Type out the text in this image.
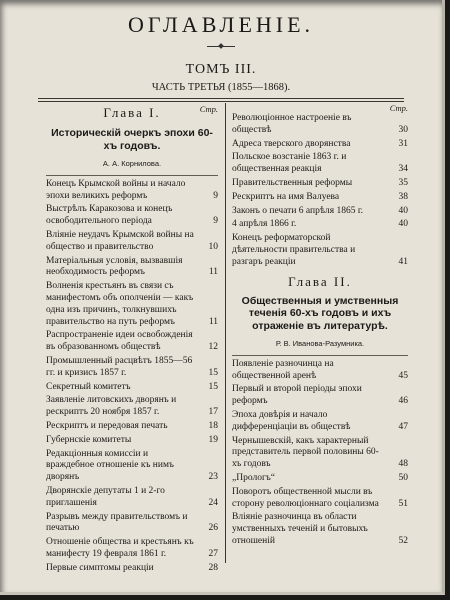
ОГЛАВЛЕНІЕ.
ТОМЪ III.
ЧАСТЬ ТРЕТЬЯ (1855—1868).
Стр.
Глава I.
Историческій очеркъ эпохи 60-хъ годовъ.
А. А. Корнилова.
Конецъ Крымской войны и начало эпохи великихъ реформъ	9
Выстрѣлъ Каракозова и конецъ освободительного періода	9
Вліяніе неудачъ Крымской войны на общество и правительство	10
Матеріальныя условія, вызвавшія необходимость реформъ	11
Волненія крестьянъ въ связи съ манифестомъ объ ополченіи — какъ одна изъ причинъ, толкнувшихъ правительство на путь реформъ	11
Распространеніе идеи освобожденія въ образованномъ обществѣ	12
Промышленный расцвѣтъ 1855—56 гг. и кризисъ 1857 г.	15
Секретный комитетъ	15
Заявленіе литовскихъ дворянъ и рескриптъ 20 ноября 1857 г.	17
Рескриптъ и передовая печать	18
Губернскіе комитеты	19
Редакціонныя комиссіи и враждебное отношеніе къ нимъ дворянъ	23
Дворянскіе депутаты 1 и 2-го приглашенія	24
Разрывъ между правительствомъ и печатью	26
Отношеніе общества и крестьянъ къ манифесту 19 февраля 1861 г.	27
Первые симптомы реакціи	28
Стр.
Революціонное настроеніе въ обществѣ	30
Адреса тверского дворянства	31
Польское возстаніе 1863 г. и общественная реакція	34
Правительственныя реформы	35
Рескриптъ на имя Валуева	38
Законъ о печати 6 апрѣля 1865 г.	40
4 апрѣля 1866 г.	40
Конецъ реформаторской дѣятельности правительства и разгаръ реакціи	41
Глава II.
Общественныя и умственныя теченія 60-хъ годовъ и ихъ отраженіе въ литературѣ.
Р. В. Иванова-Разумника.
Появленіе разночинца на общественной аренѣ	45
Первый и второй періоды эпохи реформъ	46
Эпоха довѣрія и начало дифференціаціи въ обществѣ	47
Чернышевскій, какъ характерный представитель первой половины 60-хъ годовъ	48
„Прологъ“	50
Поворотъ общественной мысли въ сторону революціоннаго соціализма	51
Вліяніе разночинца въ области умственныхъ теченій и бытовыхъ отношеній	52
